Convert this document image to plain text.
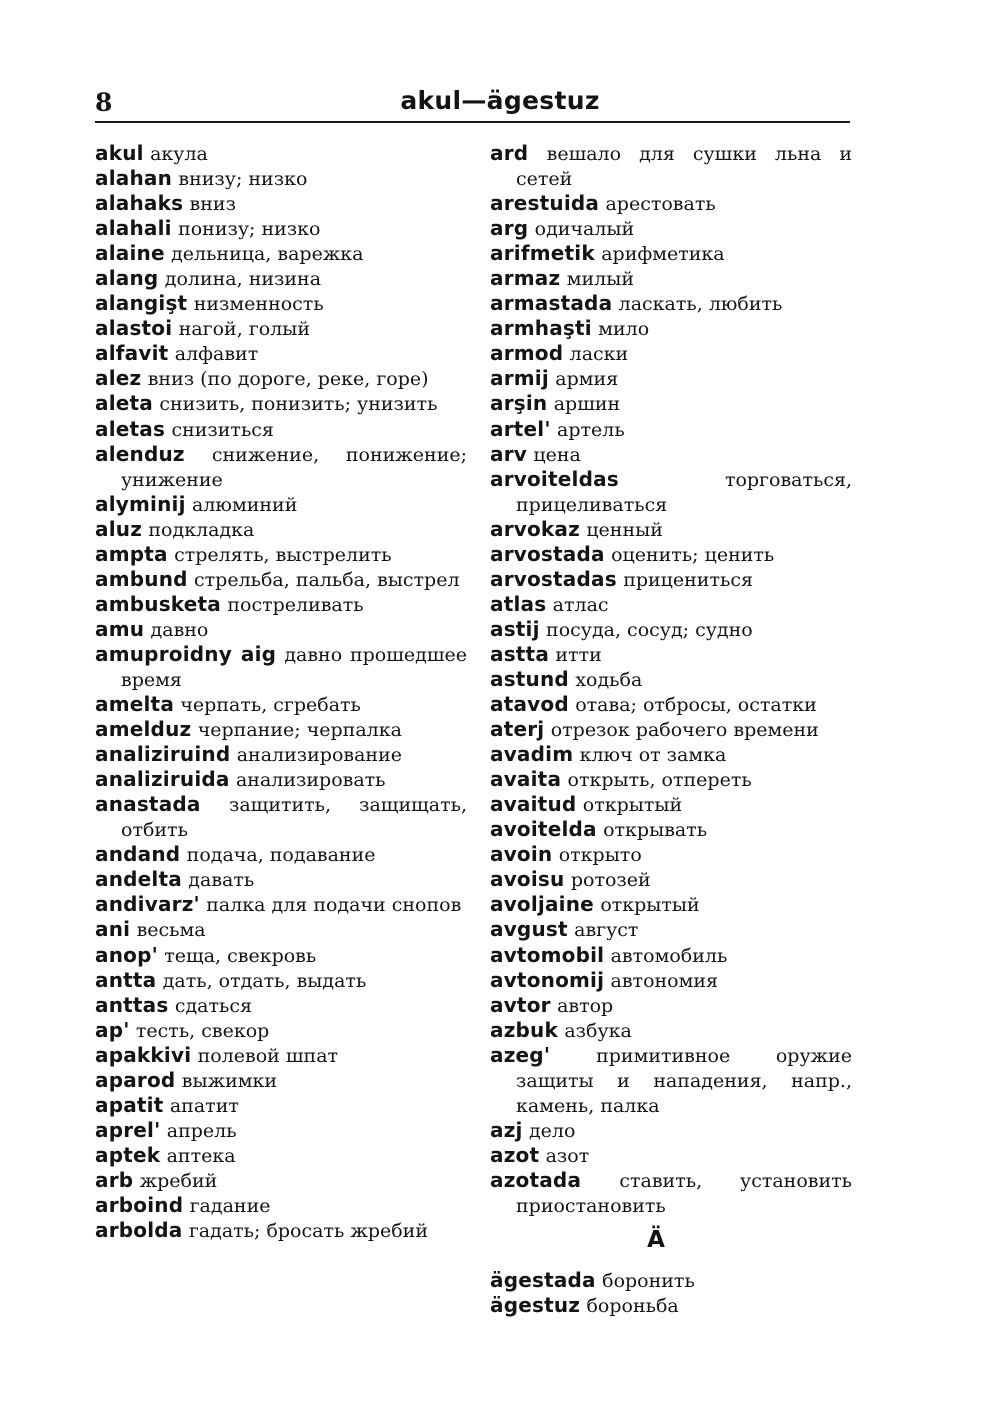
8	akul—ägestuz
akul акула
alahan внизу; низко
alahaks вниз
alahali понизу; низко
alaine дельница, варежка
alang долина, низина
alangişt низменность
alastoi нагой, голый
alfavit алфавит
alez вниз (по дороге, реке, горе)
aleta снизить, понизить; унизить
aletas снизиться
alenduz снижение, понижение; унижение
alyminij алюминий
aluz подкладка
ampta стрелять, выстрелить
ambund стрельба, пальба, выстрел
ambusketa постреливать
amu давно
amuproidny aig давно прошедшее время
amelta черпать, сгребать
amelduz черпание; черпалка
analiziruind анализирование
analiziruida анализировать
anastada защитить, защищать, отбить
andand подача, подавание
andelta давать
andivarz' палка для подачи снопов
ani весьма
anop' теща, свекровь
antta дать, отдать, выдать
anttas сдаться
ap' тесть, свекор
apakkivi полевой шпат
aparod выжимки
apatit апатит
aprel' апрель
aptek аптека
arb жребий
arboind гадание
arbolda гадать; бросать жребий
ard вешало для сушки льна и сетей
arestuida арестовать
arg одичалый
arifmetik арифметика
armaz милый
armastada ласкать, любить
armhaşti мило
armod ласки
armij армия
arşin аршин
artel' артель
arv цена
arvoiteldas	торговаться, прицеливаться
arvokaz ценный
arvostada оценить; ценить
arvostadas прицениться
atlas атлас
astij посуда, сосуд; судно
astta итти
astund ходьба
atavod отава; отбросы, остатки
aterj отрезок рабочего времени
avadim ключ от замка
avaita открыть, отпереть
avaitud открытый
avoitelda открывать
avoin открыто
avoisu ротозей
avoljaine открытый
avgust август
avtomobil автомобиль
avtonomij автономия
avtor автор
azbuk азбука
azeg' примитивное оружие защиты и нападения, напр., камень, палка
azj дело
azot азот
azotada ставить, установить приостановить
Ä
ägestada боронить
ägestuz бороньба
